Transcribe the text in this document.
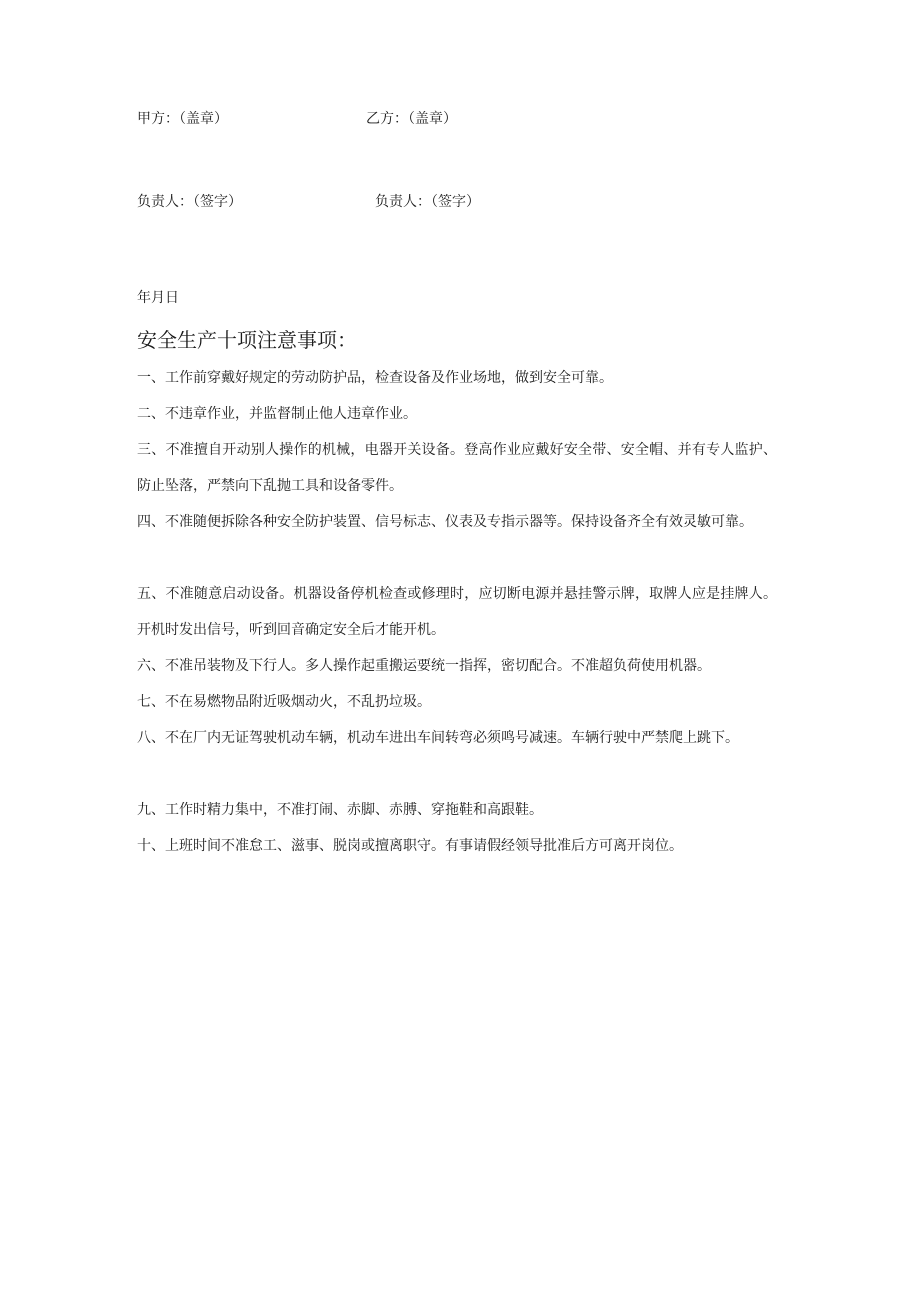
甲方：（盖章）	乙方：（盖章）
负责人：（签字）	负责人：（签字）
年月日
安全生产十项注意事项：
一、工作前穿戴好规定的劳动防护品，检查设备及作业场地，做到安全可靠。
二、不违章作业，并监督制止他人违章作业。
三、不准擅自开动别人操作的机械，电器开关设备。登高作业应戴好安全带、安全帽、并有专人监护、防止坠落，严禁向下乱抛工具和设备零件。
四、不准随便拆除各种安全防护装置、信号标志、仪表及专指示器等。保持设备齐全有效灵敏可靠。
五、不准随意启动设备。机器设备停机检查或修理时，应切断电源并悬挂警示牌，取牌人应是挂牌人。开机时发出信号，听到回音确定安全后才能开机。
六、不准吊装物及下行人。多人操作起重搬运要统一指挥，密切配合。不准超负荷使用机器。
七、不在易燃物品附近吸烟动火，不乱扔垃圾。
八、不在厂内无证驾驶机动车辆，机动车进出车间转弯必须鸣号减速。车辆行驶中严禁爬上跳下。
九、工作时精力集中，不准打闹、赤脚、赤膊、穿拖鞋和高跟鞋。
十、上班时间不准怠工、滋事、脱岗或擅离职守。有事请假经领导批准后方可离开岗位。
